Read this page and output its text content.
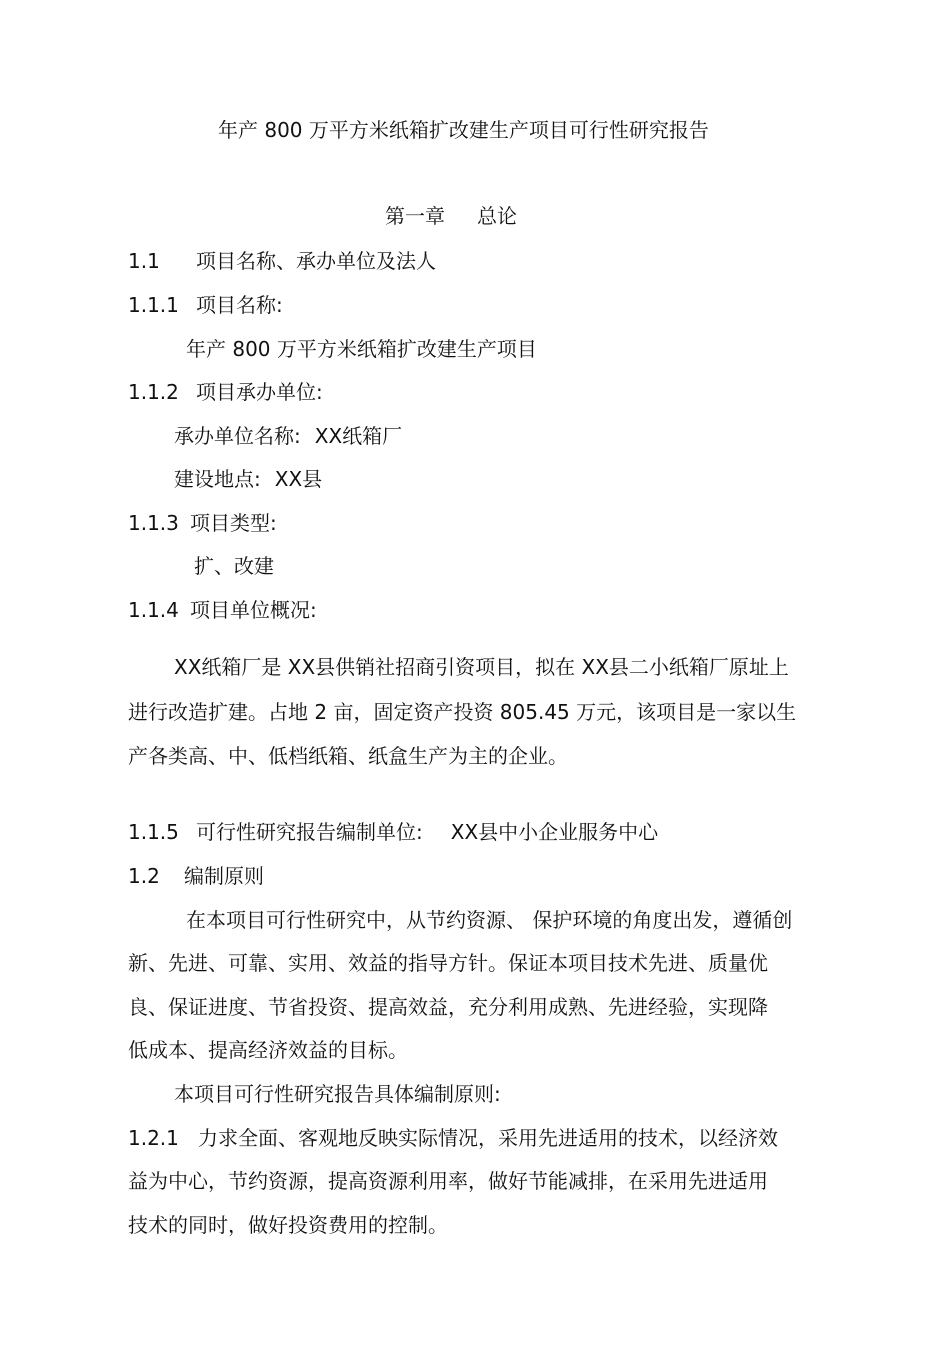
年产 800 万平方米纸箱扩改建生产项目可行性研究报告
第一章 总论
1.1 项目名称、承办单位及法人
1.1.1 项目名称:
年产 800 万平方米纸箱扩改建生产项目
1.1.2 项目承办单位:
承办单位名称: XX纸箱厂
建设地点: XX县
1.1.3 项目类型:
扩、改建
1.1.4 项目单位概况:
XX纸箱厂是 XX县供销社招商引资项目，拟在 XX县二小纸箱厂原址上
进行改造扩建。占地 2 亩，固定资产投资 805.45 万元，该项目是一家以生
产各类高、中、低档纸箱、纸盒生产为主的企业。
1.1.5 可行性研究报告编制单位: XX县中小企业服务中心
1.2 编制原则
在本项目可行性研究中，从节约资源、 保护环境的角度出发，遵循创
新、先进、可靠、实用、效益的指导方针。保证本项目技术先进、质量优
良、保证进度、节省投资、提高效益，充分利用成熟、先进经验，实现降
低成本、提高经济效益的目标。
本项目可行性研究报告具体编制原则:
1.2.1 力求全面、客观地反映实际情况，采用先进适用的技术，以经济效
益为中心，节约资源，提高资源利用率，做好节能减排，在采用先进适用
技术的同时，做好投资费用的控制。
